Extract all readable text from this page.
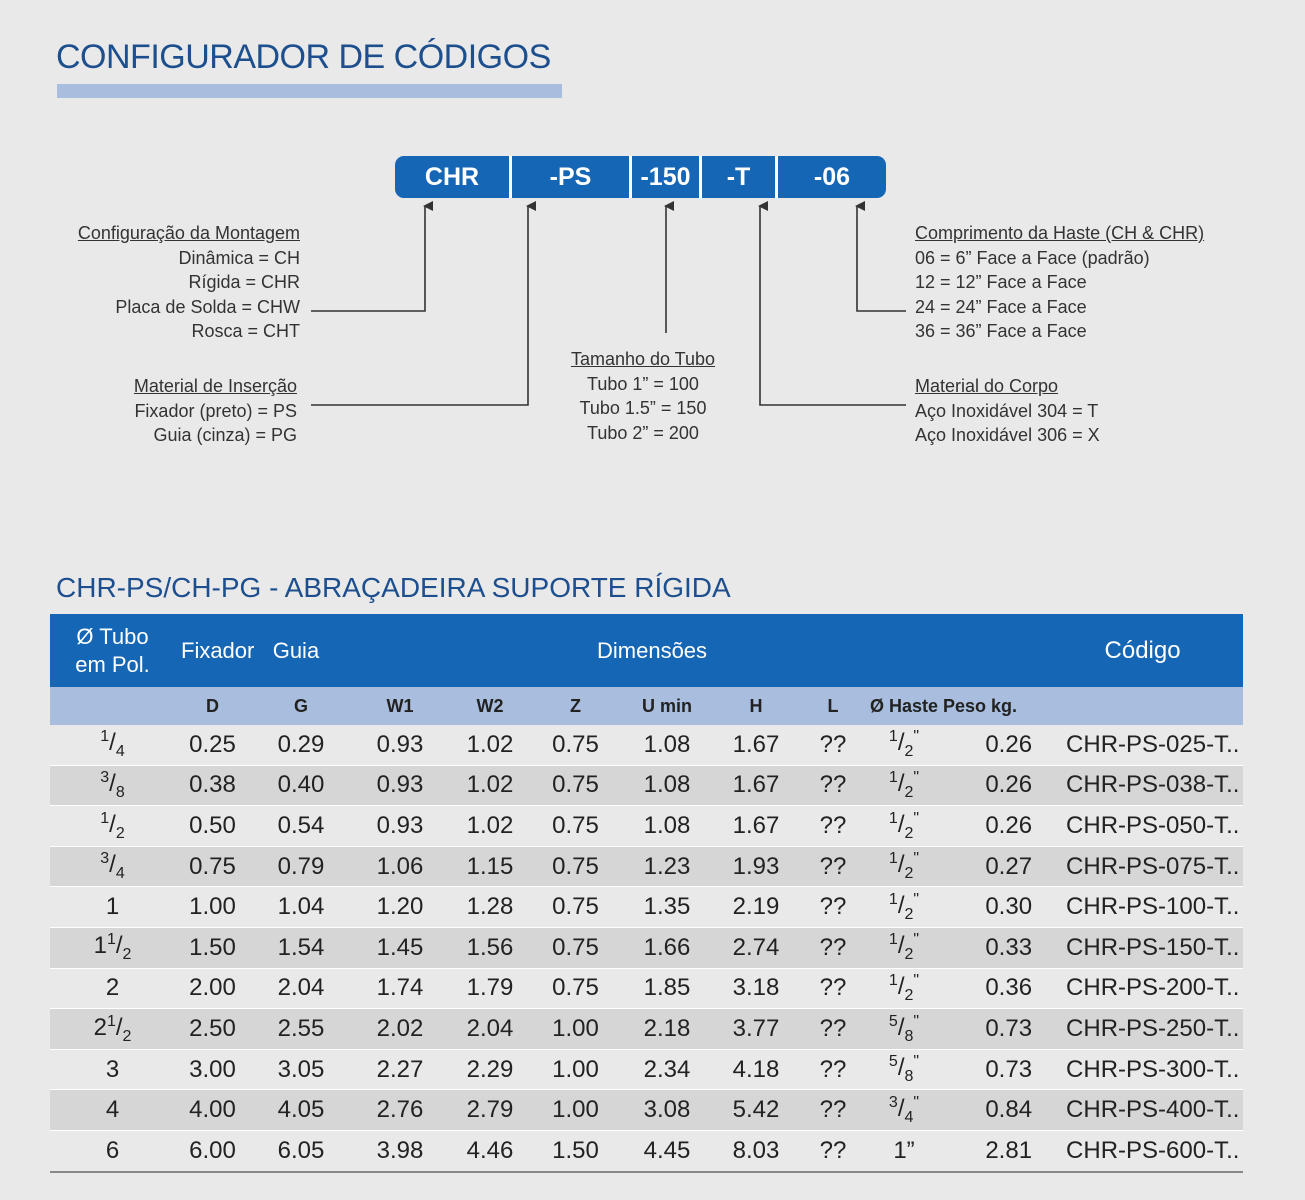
CONFIGURADOR DE CÓDIGOS
CHR	-PS	-150	-T	-06
Configuração da Montagem
Dinâmica = CH
Rígida = CHR
Placa de Solda = CHW
Rosca = CHT
Material de Inserção
Fixador (preto) = PS
Guia (cinza) = PG
Tamanho do Tubo
Tubo 1” = 100
Tubo 1.5” = 150
Tubo 2” = 200
Comprimento da Haste (CH & CHR)
06 = 6” Face a Face (padrão)
12 = 12” Face a Face
24 = 24” Face a Face
36 = 36” Face a Face
Material do Corpo
Aço Inoxidável 304 = T
Aço Inoxidável 306 = X
CHR-PS/CH-PG - ABRAÇADEIRA SUPORTE RÍGIDA
Ø Tubo
em Pol.	Fixador Guia		Dimensões								Código
	D	G	W1	W2	Z	U min	H	L	Ø Haste	Peso kg.	
$^1/_4$	0.25	0.29	0.93	1.02	0.75	1.08	1.67	??	$^1/_2^"$	0.26	CHR-PS-025-T..
$^3/_8$	0.38	0.40	0.93	1.02	0.75	1.08	1.67	??	$^1/_2^"$	0.26	CHR-PS-038-T..
$^1/_2$	0.50	0.54	0.93	1.02	0.75	1.08	1.67	??	$^1/_2^"$	0.26	CHR-PS-050-T..
$^3/_4$	0.75	0.79	1.06	1.15	0.75	1.23	1.93	??	$^1/_2^"$	0.27	CHR-PS-075-T..
1	1.00	1.04	1.20	1.28	0.75	1.35	2.19	??	$^1/_2^"$	0.30	CHR-PS-100-T..
$1^1/_2$	1.50	1.54	1.45	1.56	0.75	1.66	2.74	??	$^1/_2^"$	0.33	CHR-PS-150-T..
2	2.00	2.04	1.74	1.79	0.75	1.85	3.18	??	$^1/_2^"$	0.36	CHR-PS-200-T..
$2^1/_2$	2.50	2.55	2.02	2.04	1.00	2.18	3.77	??	$^5/_8^"$	0.73	CHR-PS-250-T..
3	3.00	3.05	2.27	2.29	1.00	2.34	4.18	??	$^5/_8^"$	0.73	CHR-PS-300-T..
4	4.00	4.05	2.76	2.79	1.00	3.08	5.42	??	$^3/_4^"$	0.84	CHR-PS-400-T..
6	6.00	6.05	3.98	4.46	1.50	4.45	8.03	??	1”	2.81	CHR-PS-600-T..
